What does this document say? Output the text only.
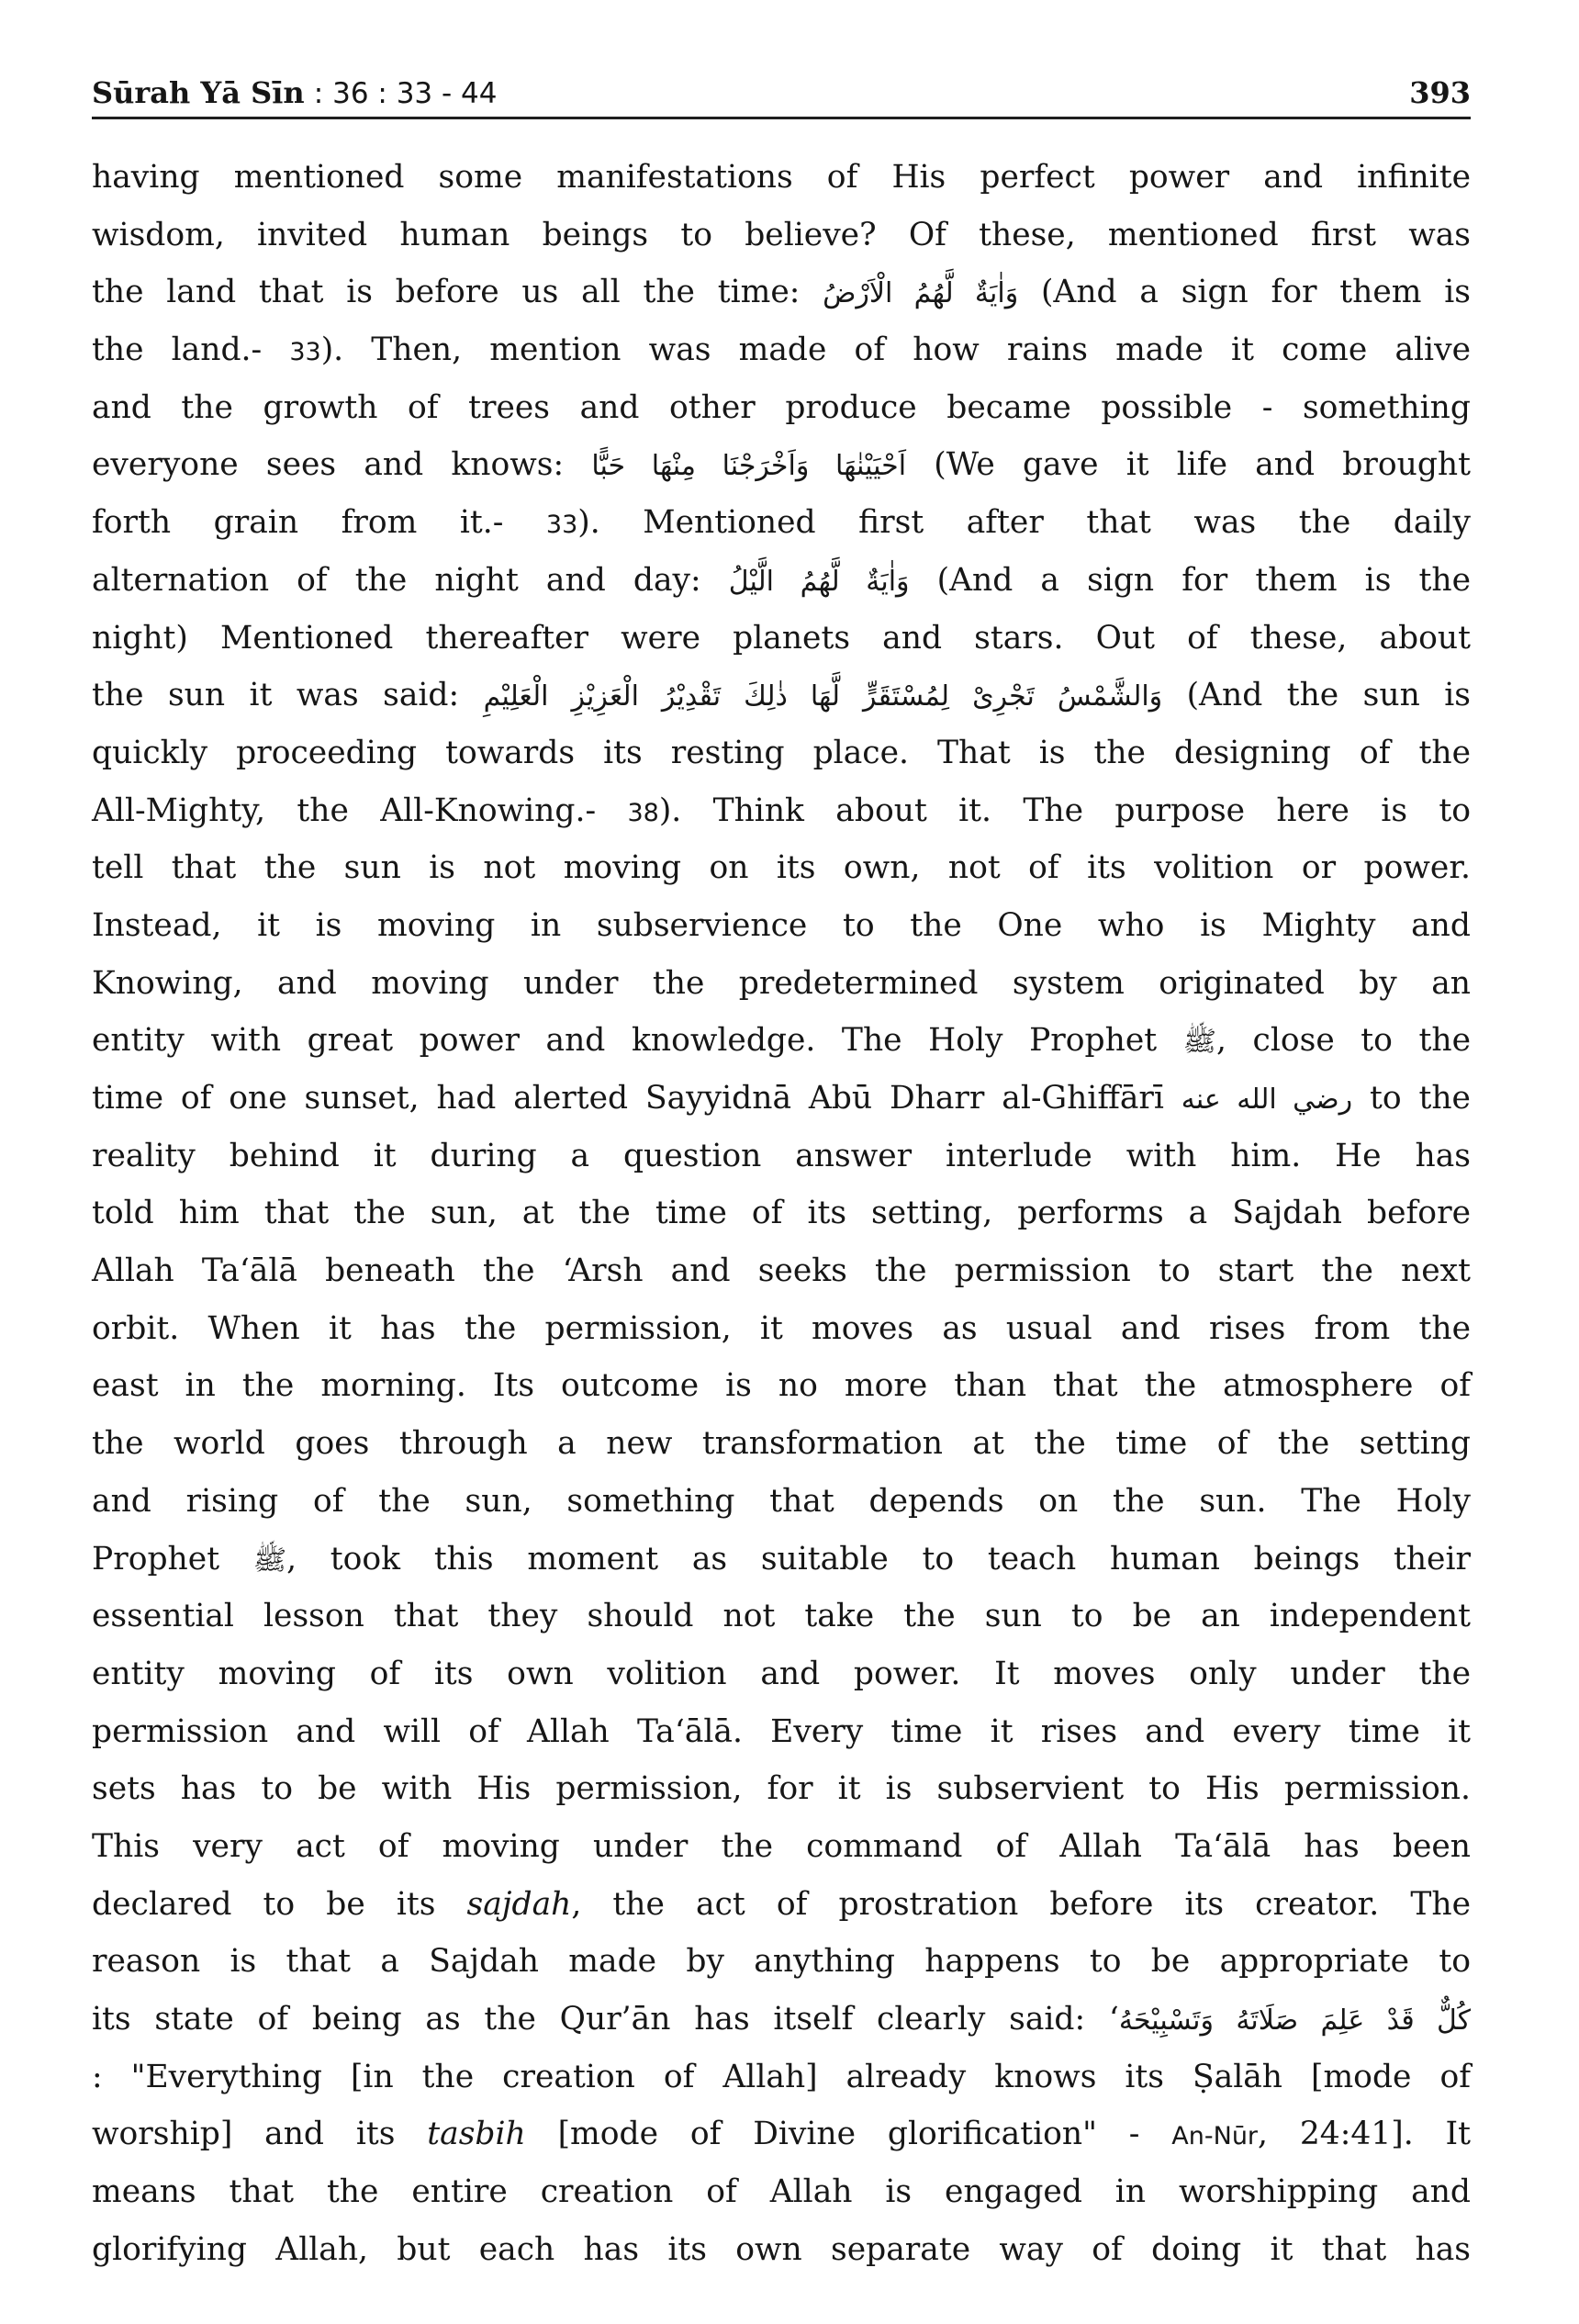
Sūrah Yā Sīn : 36 : 33 - 44	393
having mentioned some manifestations of His perfect power and infinite
wisdom, invited human beings to believe? Of these, mentioned first was
the land that is before us all the time: وَاٰيَةٌ لَّهُمُ الْاَرْضُ (And a sign for them is
the land.- 33). Then, mention was made of how rains made it come alive
and the growth of trees and other produce became possible - something
everyone sees and knows: اَحْيَيْنٰهَا وَاَخْرَجْنَا مِنْهَا حَبًّا (We gave it life and brought
forth grain from it.- 33). Mentioned first after that was the daily
alternation of the night and day: وَاٰيَةٌ لَّهُمُ الَّيْلُ (And a sign for them is the
night) Mentioned thereafter were planets and stars. Out of these, about
the sun it was said: وَالشَّمْسُ تَجْرِىْ لِمُسْتَقَرٍّ لَّهَا ذٰلِكَ تَقْدِيْرُ الْعَزِيْزِ الْعَلِيْمِ (And the sun is
quickly proceeding towards its resting place. That is the designing of the
All-Mighty, the All-Knowing.- 38). Think about it. The purpose here is to
tell that the sun is not moving on its own, not of its volition or power.
Instead, it is moving in subservience to the One who is Mighty and
Knowing, and moving under the predetermined system originated by an
entity with great power and knowledge. The Holy Prophet ﷺ, close to the
time of one sunset, had alerted Sayyidnā Abū Dharr al-Ghiffārī رضي الله عنه to the
reality behind it during a question answer interlude with him. He has
told him that the sun, at the time of its setting, performs a Sajdah before
Allah Ta‘ālā beneath the ‘Arsh and seeks the permission to start the next
orbit. When it has the permission, it moves as usual and rises from the
east in the morning. Its outcome is no more than that the atmosphere of
the world goes through a new transformation at the time of the setting
and rising of the sun, something that depends on the sun. The Holy
Prophet ﷺ, took this moment as suitable to teach human beings their
essential lesson that they should not take the sun to be an independent
entity moving of its own volition and power. It moves only under the
permission and will of Allah Ta‘ālā. Every time it rises and every time it
sets has to be with His permission, for it is subservient to His permission.
This very act of moving under the command of Allah Ta‘ālā has been
declared to be its sajdah, the act of prostration before its creator. The
reason is that a Sajdah made by anything happens to be appropriate to
its state of being as the Qur’ān has itself clearly said: ‘كُلٌّ قَدْ عَلِمَ صَلَاتَهُ وَتَسْبِيْحَهُ
: "Everything [in the creation of Allah] already knows its Ṣalāh [mode of
worship] and its tasbih [mode of Divine glorification" - An-Nūr, 24:41]. It
means that the entire creation of Allah is engaged in worshipping and
glorifying Allah, but each has its own separate way of doing it that has
